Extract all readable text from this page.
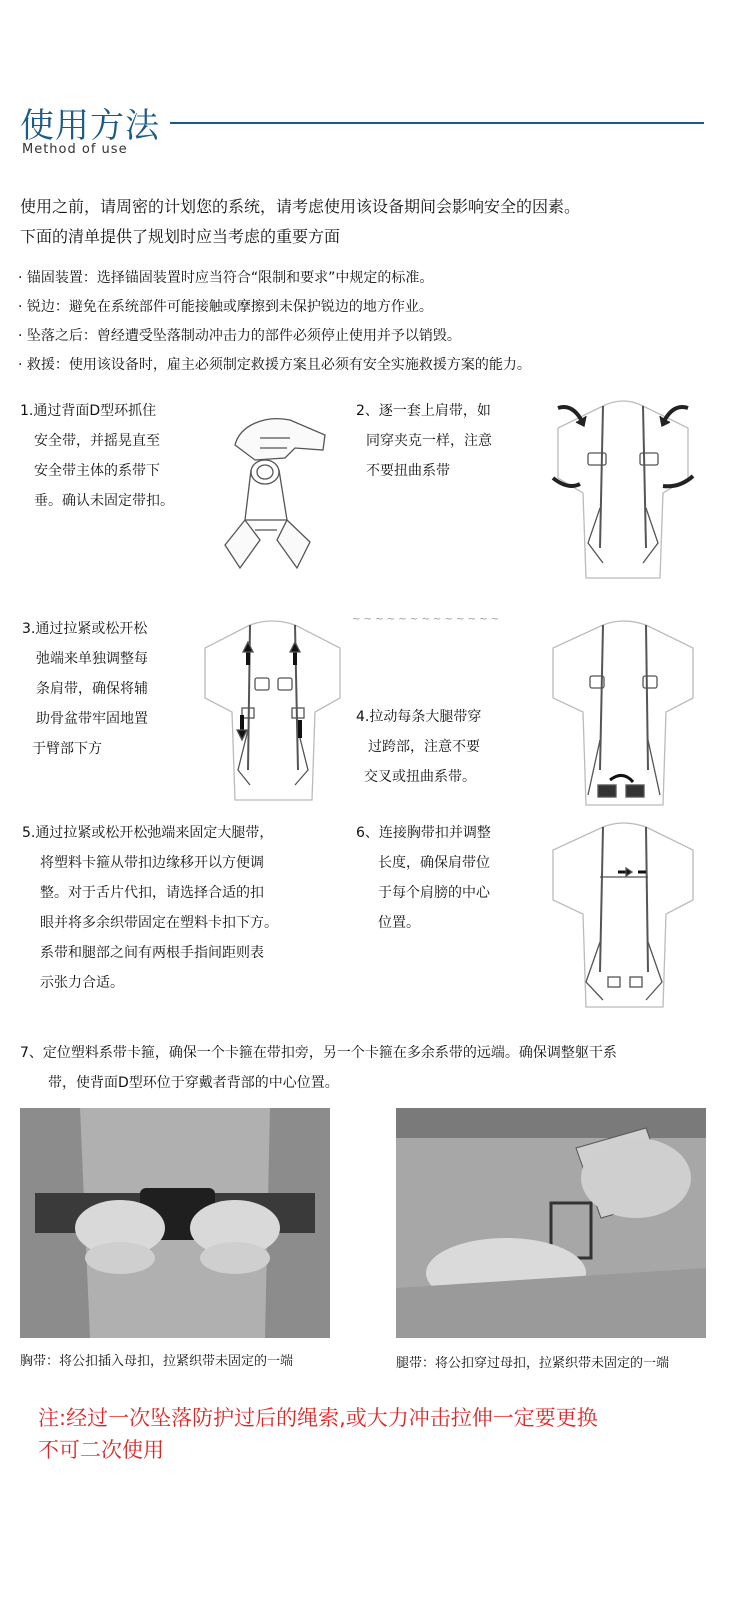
使用方法
Method of use
使用之前，请周密的计划您的系统，请考虑使用该设备期间会影响安全的因素。
下面的清单提供了规划时应当考虑的重要方面
· 锚固装置：选择锚固装置时应当符合“限制和要求”中规定的标准。
· 锐边：避免在系统部件可能接触或摩擦到未保护锐边的地方作业。
· 坠落之后：曾经遭受坠落制动冲击力的部件必须停止使用并予以销毁。
· 救援：使用该设备时，雇主必须制定救援方案且必须有安全实施救援方案的能力。
1.通过背面D型环抓住
安全带，并摇晃直至
安全带主体的系带下
垂。确认未固定带扣。
2、逐一套上肩带，如
同穿夹克一样，注意
不要扭曲系带
3.通过拉紧或松开松
弛端来单独调整每
条肩带，确保将辅
助骨盆带牢固地置
于臂部下方
~ ~ ~ ~ ~ ~ ~ ~ ~ ~ ~ ~ ~
4.拉动每条大腿带穿
过跨部，注意不要
交叉或扭曲系带。
5.通过拉紧或松开松弛端来固定大腿带，
将塑料卡箍从带扣边缘移开以方便调
整。对于舌片代扣，请选择合适的扣
眼并将多余织带固定在塑料卡扣下方。
系带和腿部之间有两根手指间距则表
示张力合适。
6、连接胸带扣并调整
长度，确保肩带位
于每个肩膀的中心
位置。
7、定位塑料系带卡箍，确保一个卡箍在带扣旁，另一个卡箍在多余系带的远端。确保调整躯干系
带，使背面D型环位于穿戴者背部的中心位置。
胸带：将公扣插入母扣，拉紧织带未固定的一端	腿带：将公扣穿过母扣，拉紧织带未固定的一端
注:经过一次坠落防护过后的绳索,或大力冲击拉伸一定要更换
不可二次使用
